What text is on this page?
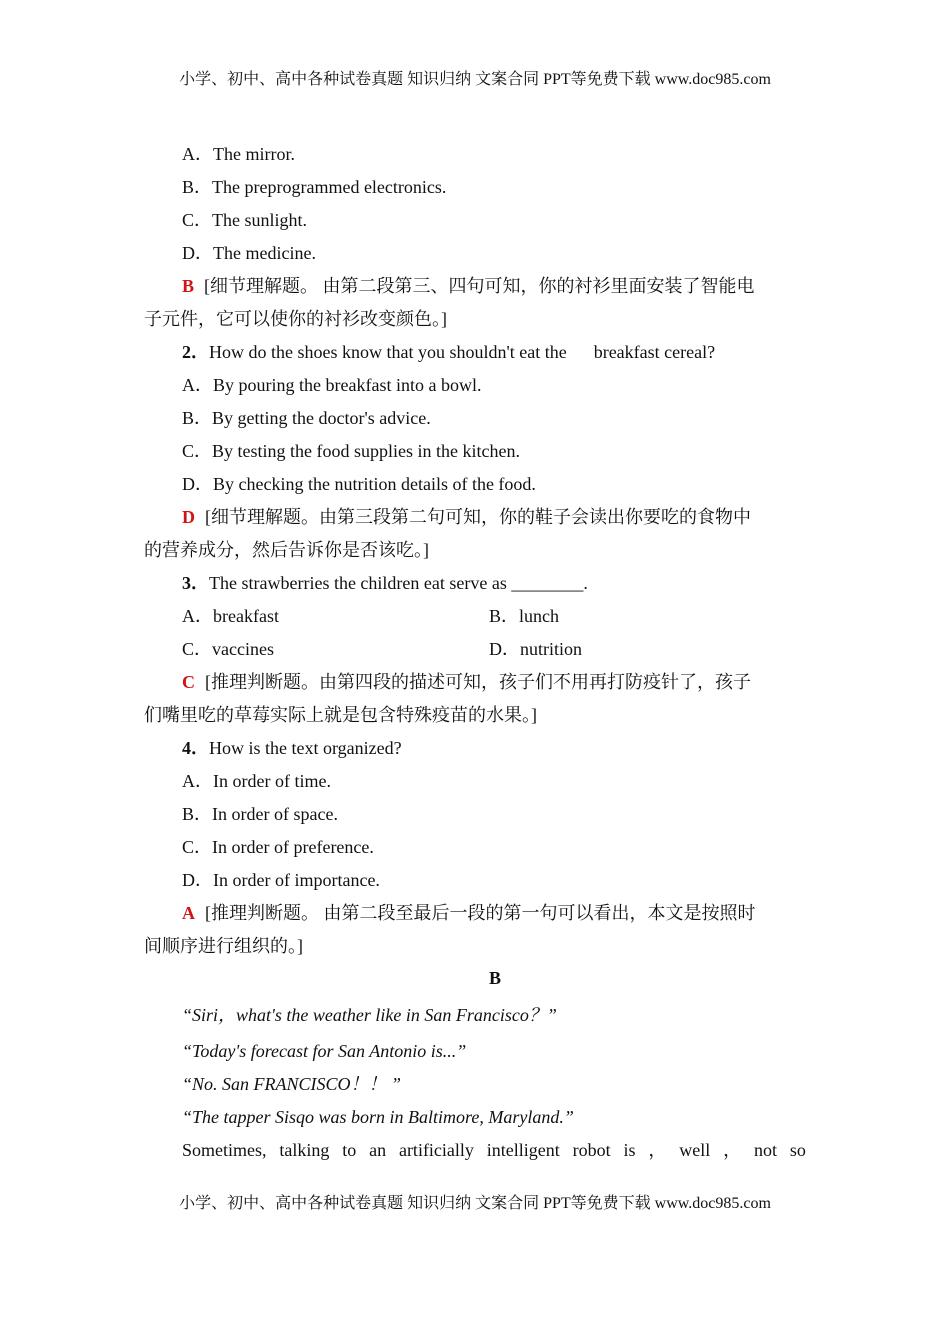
小学、初中、高中各种试卷真题 知识归纳 文案合同 PPT等免费下载 www.doc985.com
A．The mirror.
B．The preprogrammed electronics.
C．The sunlight.
D．The medicine.
B [细节理解题。 由第二段第三、四句可知，你的衬衫里面安装了智能电
子元件，它可以使你的衬衫改变颜色。]
2．How do the shoes know that you shouldn't eat the      breakfast cereal?
A．By pouring the breakfast into a bowl.
B．By getting the doctor's advice.
C．By testing the food supplies in the kitchen.
D．By checking the nutrition details of the food.
D [细节理解题。由第三段第二句可知，你的鞋子会读出你要吃的食物中
的营养成分，然后告诉你是否该吃。]
3．The strawberries the children eat serve as ________.
A．breakfast	B．lunch
C．vaccines	D．nutrition
C [推理判断题。由第四段的描述可知，孩子们不用再打防疫针了，孩子
们嘴里吃的草莓实际上就是包含特殊疫苗的水果。]
4．How is the text organized?
A．In order of time.
B．In order of space.
C．In order of preference.
D．In order of importance.
A [推理判断题。 由第二段至最后一段的第一句可以看出，本文是按照时
间顺序进行组织的。]
B
“Siri，what's the weather like in San Francisco？”
“Today's forecast for San Antonio is...”
“No. San FRANCISCO！！ ”
“The tapper Sisqo was born in Baltimore, Maryland.”
Sometimes, talking to an artificially intelligent robot is ， well ， not so
小学、初中、高中各种试卷真题 知识归纳 文案合同 PPT等免费下载 www.doc985.com
